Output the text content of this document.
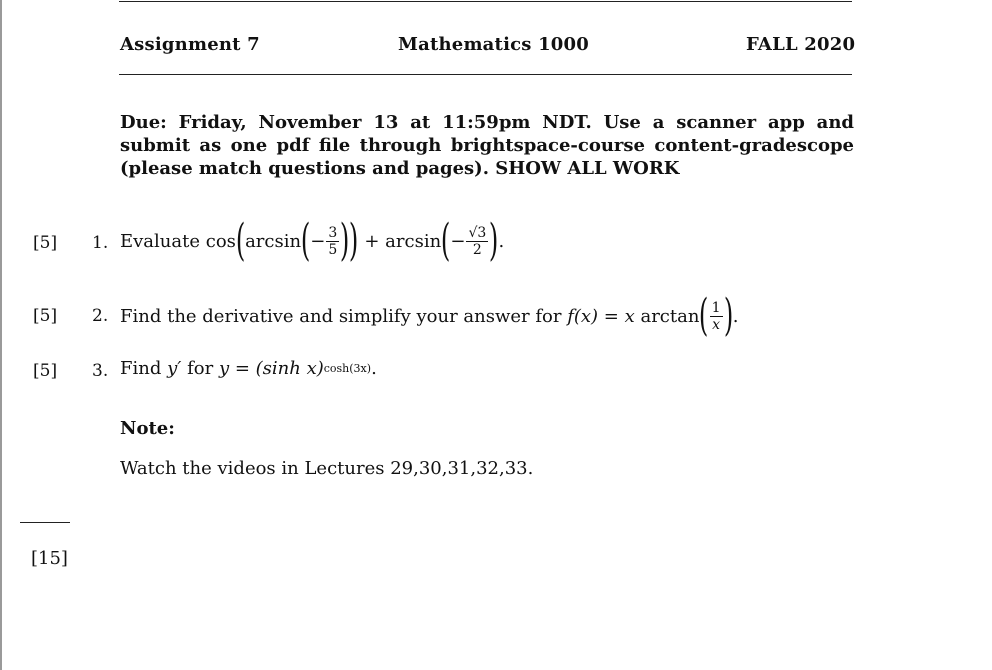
Assignment 7	Mathematics 1000	FALL 2020
Due: Friday, November 13 at 11:59pm NDT. Use a scanner app and submit as one pdf file through brightspace-course content-gradescope (please match questions and pages). SHOW ALL WORK
[5] 1. Evaluate
cos ( arcsin ( − $\frac{3}{5}$ ) )
+ arcsin ( − $\frac{√3}{2}$ ) .
[5] 2. Find the derivative and simplify your answer for
f(x) = x
arctan ( $\frac{1}{x}$ ) .
[5] 3. Find
y′
for
y = (sinh x) cosh(3x) .
Note:
Watch the videos in Lectures 29,30,31,32,33.
[15]
